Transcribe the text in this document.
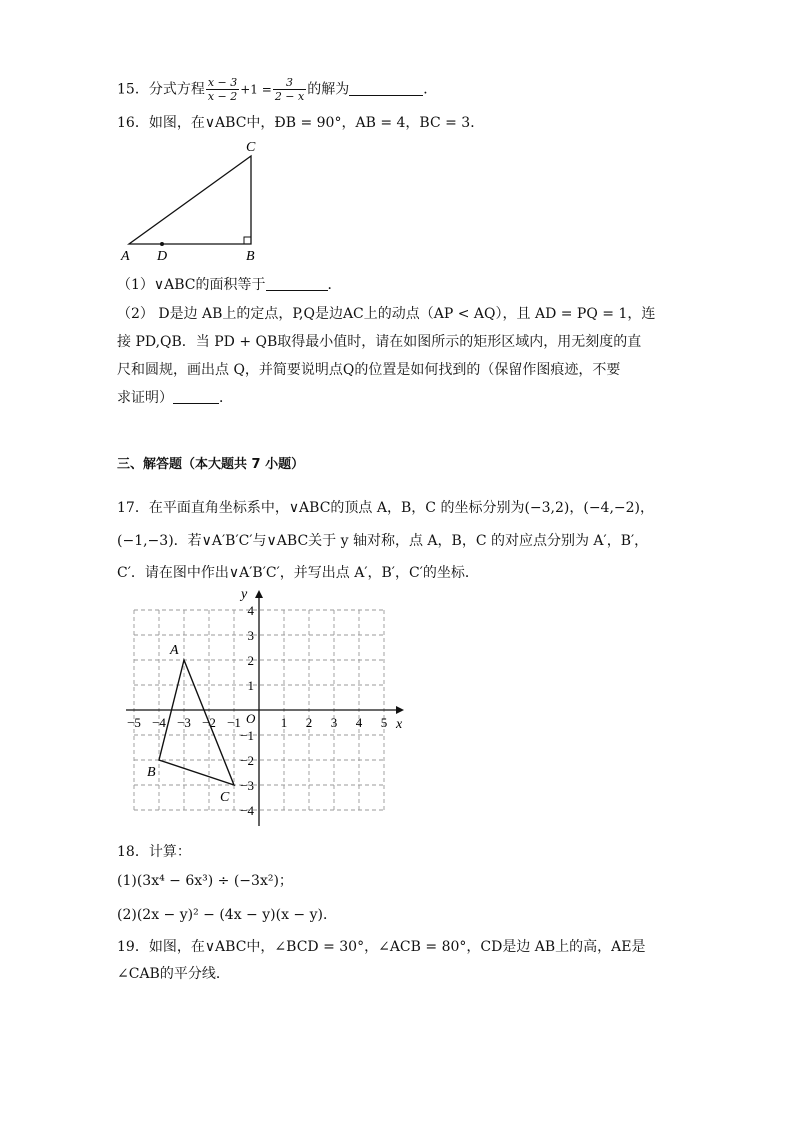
15．分式方程 $\frac{x - 3}{x - 2} +1 = \frac{3}{2 - x}$ 的解为	．
16．如图，在∨ABC中，ÐB = 90°，AB = 4，BC = 3．
A	B
C
D
（1）∨ABC的面积等于	．
（2） D是边 AB上的定点，P,Q是边AC上的动点（AP < AQ），且 AD = PQ = 1，连
接 PD,QB．当 PD + QB取得最小值时，请在如图所示的矩形区域内，用无刻度的直
尺和圆规，画出点 Q，并简要说明点Q的位置是如何找到的（保留作图痕迹，不要
求证明）	．
三、解答题（本大题共 7 小题）
17．在平面直角坐标系中，∨ABC的顶点 A，B，C 的坐标分别为(−3,2)，(−4,−2)，
(−1,−3)．若∨A′B′C′与∨ABC关于 y 轴对称，点 A，B，C 的对应点分别为 A′，B′，
C′．请在图中作出∨A′B′C′，并写出点 A′，B′，C′的坐标．
−5 −4 −3 −2 −1	1 2 3 4 5
4
3
2
1
−1
−2
−3
−4
A
B
C
x
y
O
18．计算：
(1)(3x⁴ − 6x³) ÷ (−3x²)；
(2)(2x − y)² − (4x − y)(x − y)．
19．如图，在∨ABC中，∠BCD = 30°，∠ACB = 80°，CD是边 AB上的高，AE是
∠CAB的平分线．
